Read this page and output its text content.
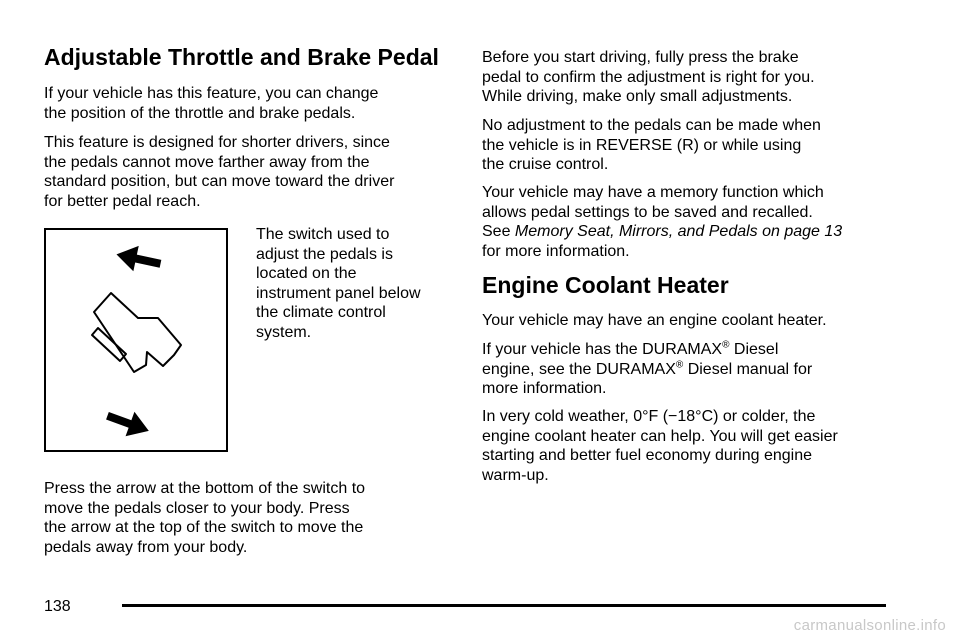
Adjustable Throttle and Brake Pedal

If your vehicle has this feature, you can change
the position of the throttle and brake pedals.

This feature is designed for shorter drivers, since
the pedals cannot move farther away from the
standard position, but can move toward the driver
for better pedal reach.

The switch used to
adjust the pedals is
located on the
instrument panel below
the climate control
system.

Press the arrow at the bottom of the switch to
move the pedals closer to your body. Press
the arrow at the top of the switch to move the
pedals away from your body.

Before you start driving, fully press the brake
pedal to confirm the adjustment is right for you.
While driving, make only small adjustments.

No adjustment to the pedals can be made when
the vehicle is in REVERSE (R) or while using
the cruise control.

Your vehicle may have a memory function which
allows pedal settings to be saved and recalled.
See Memory Seat, Mirrors, and Pedals on page 13
for more information.

Engine Coolant Heater

Your vehicle may have an engine coolant heater.

If your vehicle has the DURAMAX® Diesel
engine, see the DURAMAX® Diesel manual for
more information.

In very cold weather, 0°F (−18°C) or colder, the
engine coolant heater can help. You will get easier
starting and better fuel economy during engine
warm-up.

138
carmanualsonline.info
